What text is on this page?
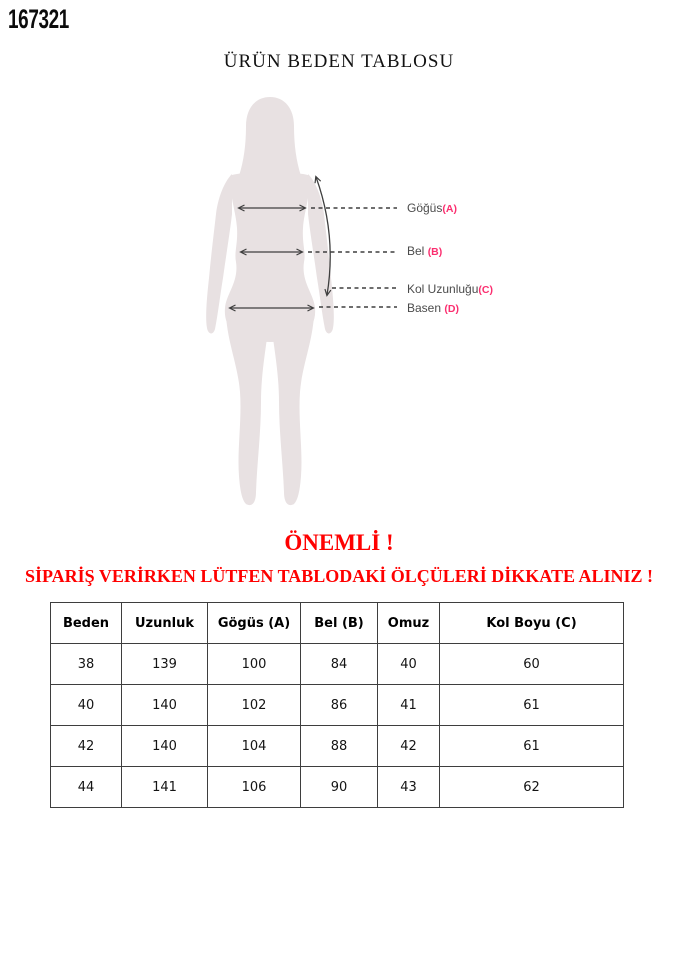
167321
ÜRÜN BEDEN TABLOSU
Göğüs(A)
Bel (B)
Kol Uzunluğu(C)
Basen (D)
ÖNEMLİ !
SİPARİŞ VERİRKEN LÜTFEN TABLODAKİ ÖLÇÜLERİ DİKKATE ALINIZ !
Beden	Uzunluk	Gögüs (A)	Bel (B)	Omuz	Kol Boyu (C)
38	139	100	84	40	60
40	140	102	86	41	61
42	140	104	88	42	61
44	141	106	90	43	62
